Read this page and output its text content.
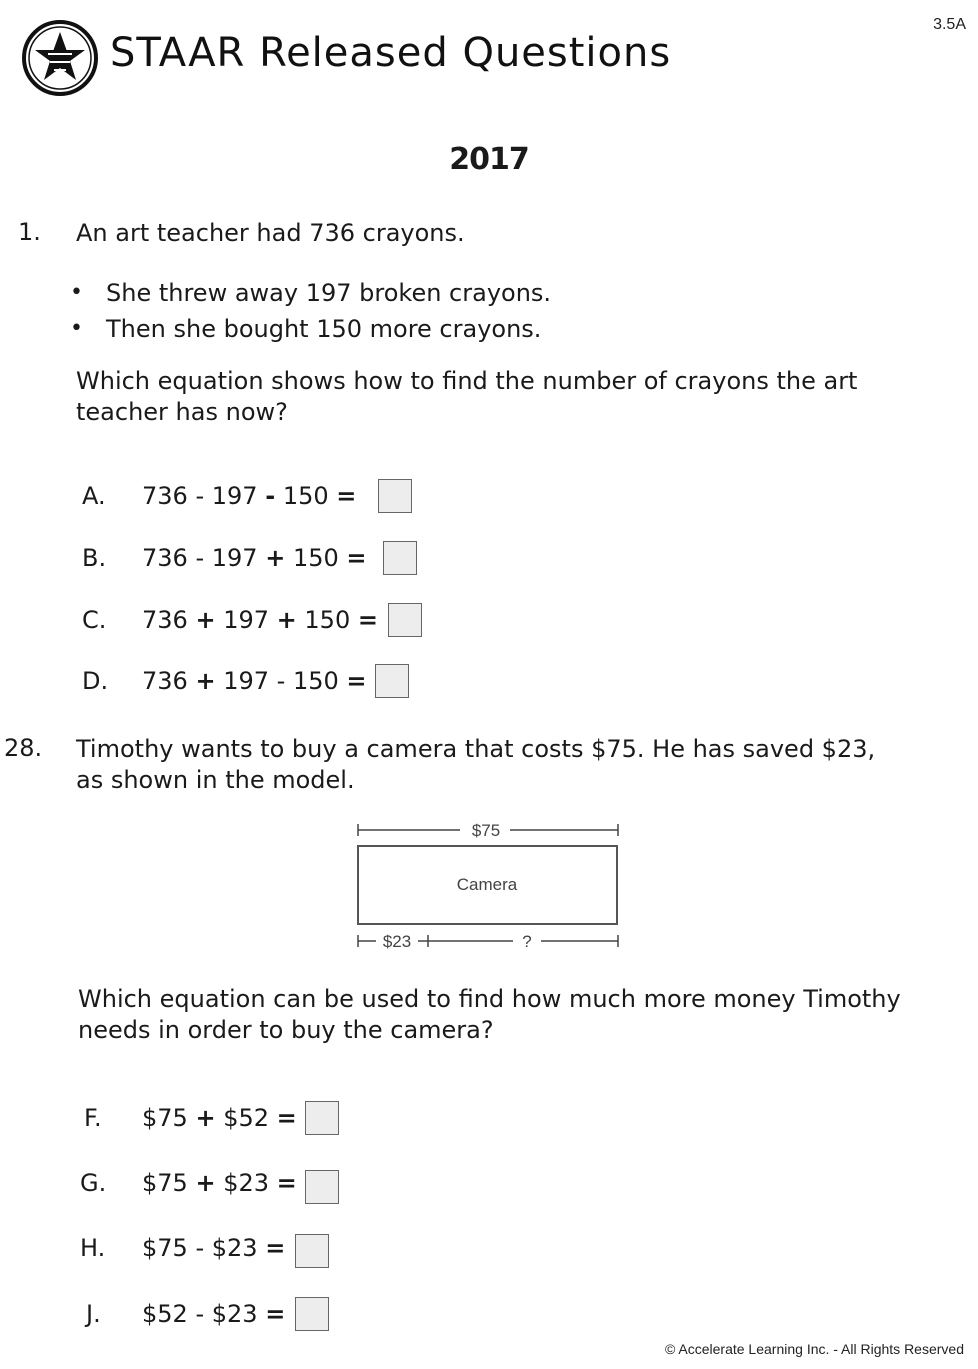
3.5A
STAAR Released Questions
2017
1. An art teacher had 736 crayons.
• She threw away 197 broken crayons.
• Then she bought 150 more crayons.
Which equation shows how to find the number of crayons the art
teacher has now?
A.	736 - 197 - 150 =
B.	736 - 197 + 150 =
C.	736 + 197 + 150 =
D.	736 + 197 - 150 =
28. Timothy wants to buy a camera that costs $75. He has saved $23,
as shown in the model.
$75
Camera
$23	?
Which equation can be used to find how much more money Timothy
needs in order to buy the camera?
F.	$75 + $52 =
G.	$75 + $23 =
H.	$75 - $23 =
J.	$52 - $23 =
© Accelerate Learning Inc. - All Rights Reserved
